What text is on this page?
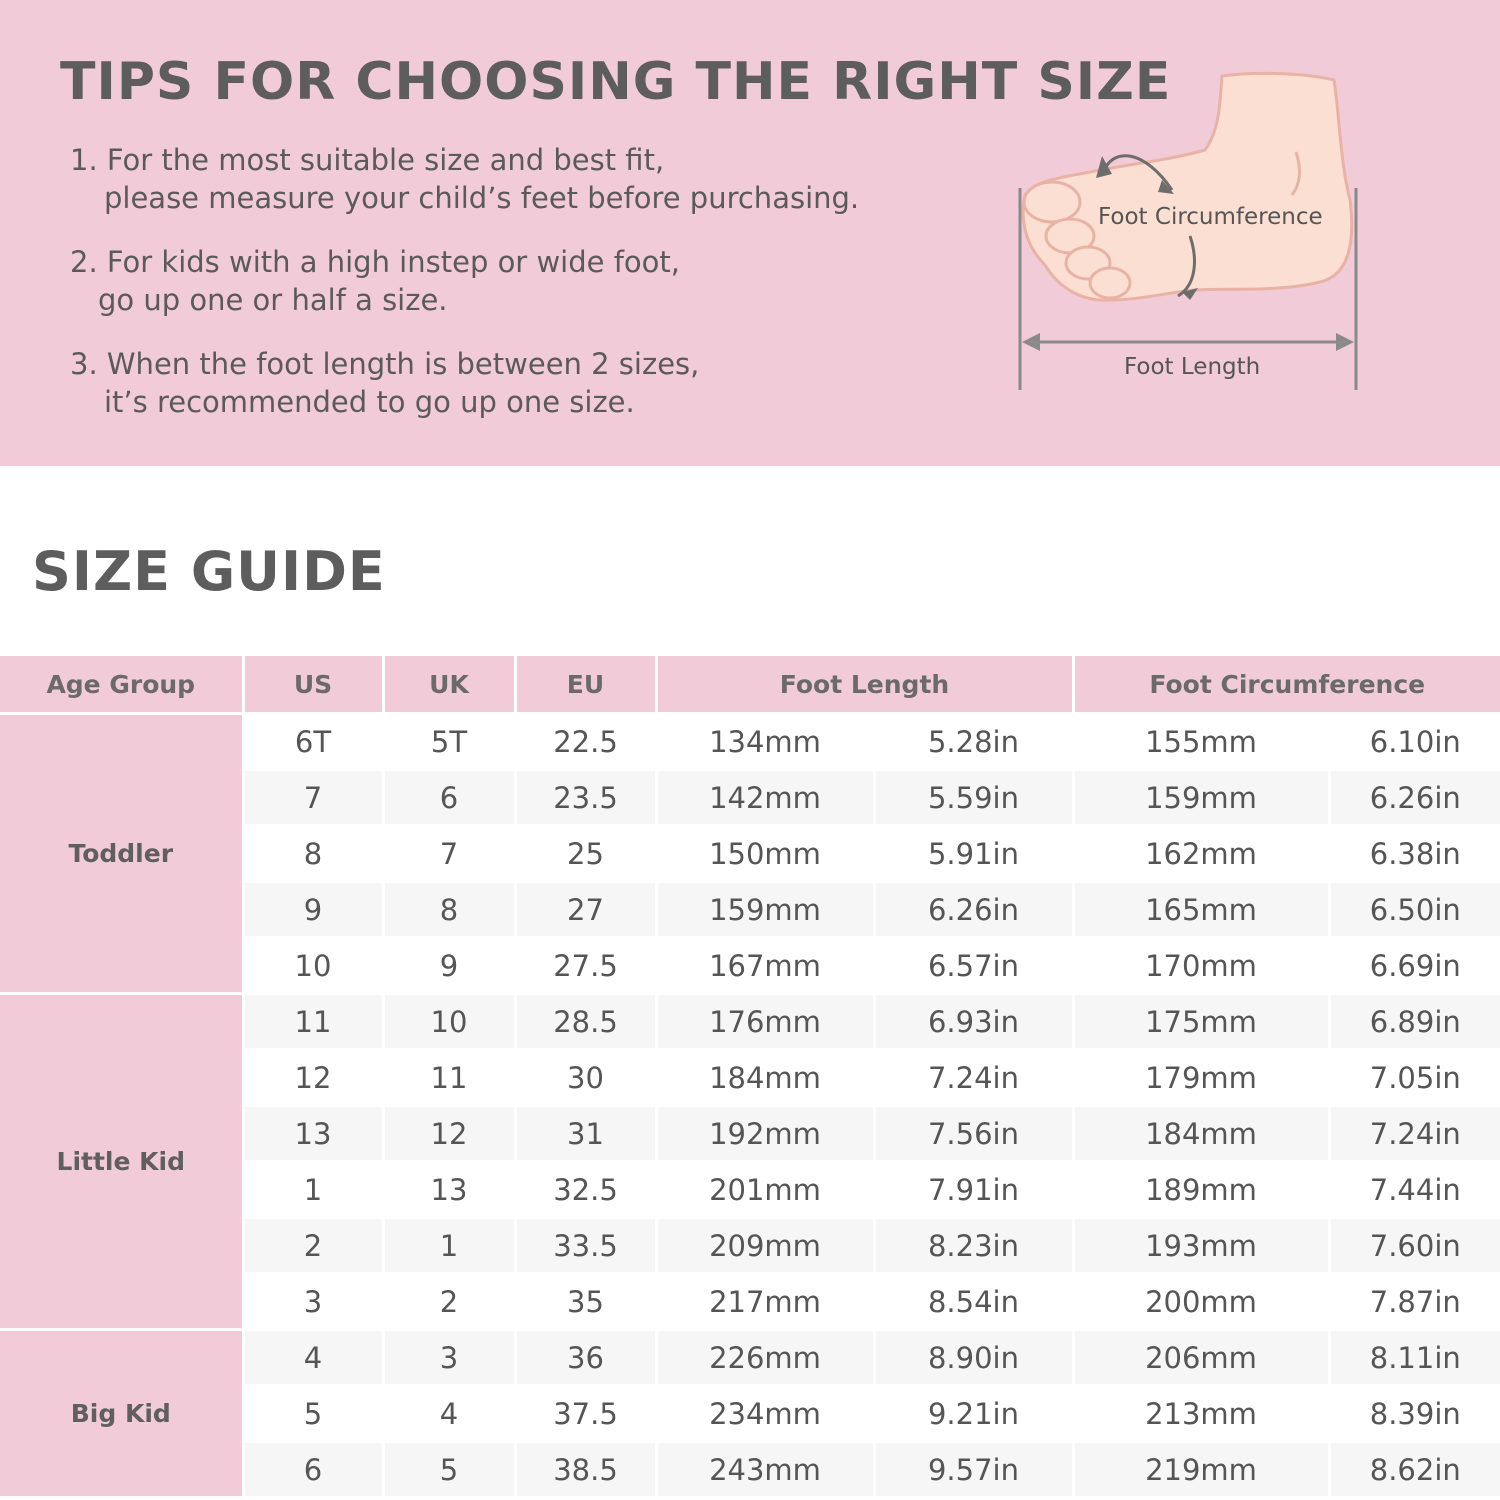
TIPS FOR CHOOSING THE RIGHT SIZE
1. For the most suitable size and best fit,
please measure your child’s feet before purchasing.
2. For kids with a high instep or wide foot,
go up one or half a size.
3. When the foot length is between 2 sizes,
it’s recommended to go up one size.
Foot Circumference
Foot Length
SIZE GUIDE
Age Group	US	UK	EU	Foot Length		Foot Circumference	
Toddler	6T	5T	22.5	134mm	5.28in	155mm	6.10in
	7	6	23.5	142mm	5.59in	159mm	6.26in
	8	7	25	150mm	5.91in	162mm	6.38in
	9	8	27	159mm	6.26in	165mm	6.50in
	10	9	27.5	167mm	6.57in	170mm	6.69in
Little Kid	11	10	28.5	176mm	6.93in	175mm	6.89in
	12	11	30	184mm	7.24in	179mm	7.05in
	13	12	31	192mm	7.56in	184mm	7.24in
	1	13	32.5	201mm	7.91in	189mm	7.44in
	2	1	33.5	209mm	8.23in	193mm	7.60in
	3	2	35	217mm	8.54in	200mm	7.87in
Big Kid	4	3	36	226mm	8.90in	206mm	8.11in
	5	4	37.5	234mm	9.21in	213mm	8.39in
	6	5	38.5	243mm	9.57in	219mm	8.62in
